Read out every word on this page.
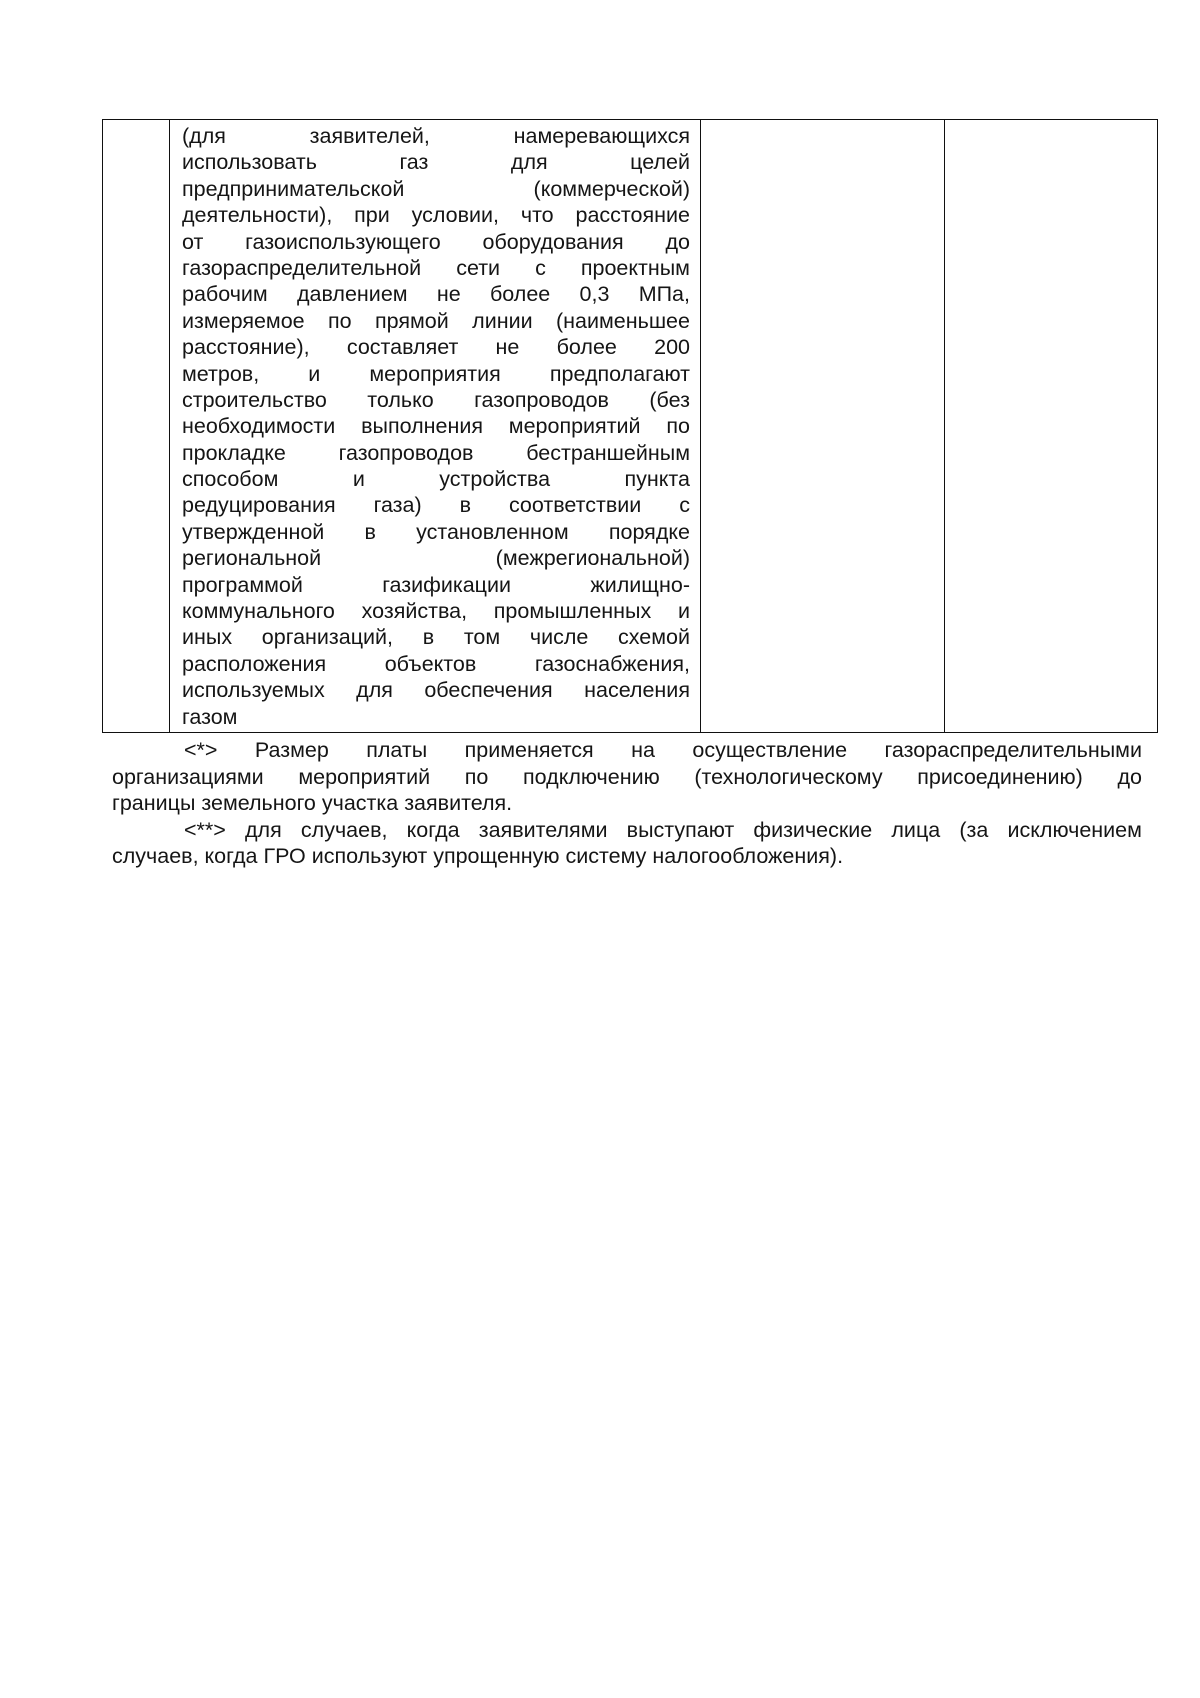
(для	заявителей,	намеревающихся
использовать	газ	для	целей
предпринимательской	(коммерческой)
деятельности), при условии, что расстояние
от газоиспользующего оборудования до
газораспределительной сети с проектным
рабочим давлением не более 0,3 МПа,
измеряемое по прямой линии (наименьшее
расстояние), составляет не более 200
метров, и мероприятия предполагают
строительство только газопроводов (без
необходимости выполнения мероприятий по
прокладке газопроводов бестраншейным
способом	и	устройства	пункта
редуцирования газа) в соответствии с
утвержденной в установленном порядке
региональной	(межрегиональной)
программой	газификации	жилищно-
коммунального хозяйства, промышленных и
иных организаций, в том числе схемой
расположения	объектов	газоснабжения,
используемых для обеспечения населения
газом

<*> Размер платы применяется на осуществление газораспределительными
организациями мероприятий по подключению (технологическому присоединению) до
границы земельного участка заявителя.
<**> для случаев, когда заявителями выступают физические лица (за исключением
случаев, когда ГРО используют упрощенную систему налогообложения).
